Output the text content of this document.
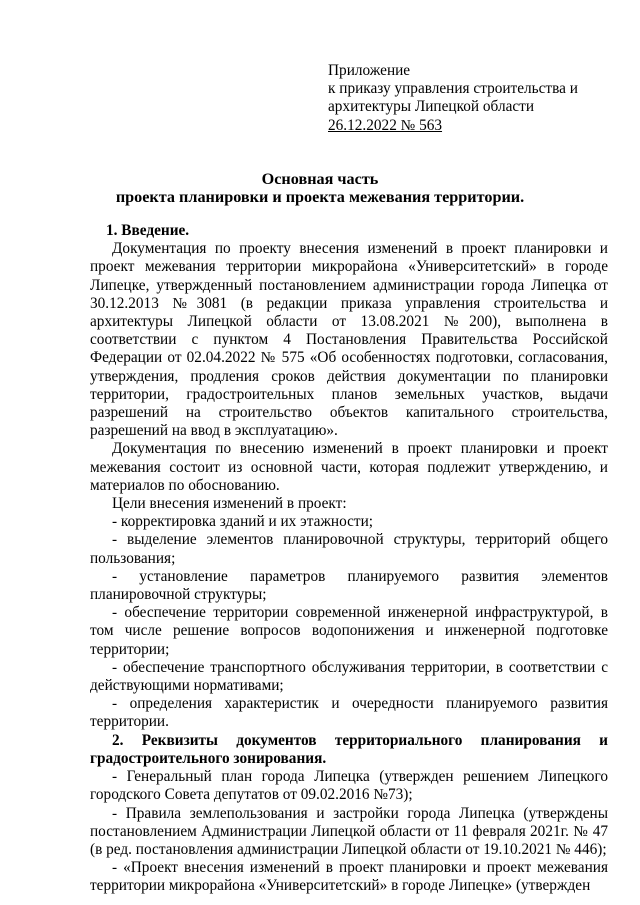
Приложение
к приказу управления строительства и
архитектуры Липецкой области
26.12.2022 № 563
Основная часть
проекта планировки и проекта межевания территории.

1. Введение.

Документация по проекту внесения изменений в проект планировки и проект межевания территории микрорайона «Университетский» в городе Липецке, утвержденный постановлением администрации города Липецка от 30.12.2013 №3081 (в редакции приказа управления строительства и архитектуры Липецкой области от 13.08.2021 №200), выполнена в соответствии с пунктом 4 Постановления Правительства Российской Федерации от 02.04.2022 № 575 «Об особенностях подготовки, согласования, утверждения, продления сроков действия документации по планировки территории, градостроительных планов земельных участков, выдачи разрешений на строительство объектов капитального строительства, разрешений на ввод в эксплуатацию».

Документация по внесению изменений в проект планировки и проект межевания состоит из основной части, которая подлежит утверждению, и материалов по обоснованию.

Цели внесения изменений в проект:

- корректировка зданий и их этажности;

- выделение элементов планировочной структуры, территорий общего пользования;

- установление параметров планируемого развития элементов планировочной структуры;

- обеспечение территории современной инженерной инфраструктурой, в том числе решение вопросов водопонижения и инженерной подготовке территории;

- обеспечение транспортного обслуживания территории, в соответствии с действующими нормативами;

- определения характеристик и очередности планируемого развития территории.

2. Реквизиты документов территориального планирования и градостроительного зонирования.

- Генеральный план города Липецка (утвержден решением Липецкого городского Совета депутатов от 09.02.2016 №73);

- Правила землепользования и застройки города Липецка (утверждены постановлением Администрации Липецкой области от 11 февраля 2021г. № 47 (в ред. постановления администрации Липецкой области от 19.10.2021 № 446);

- «Проект внесения изменений в проект планировки и проект межевания территории микрорайона «Университетский» в городе Липецке» (утвержден
